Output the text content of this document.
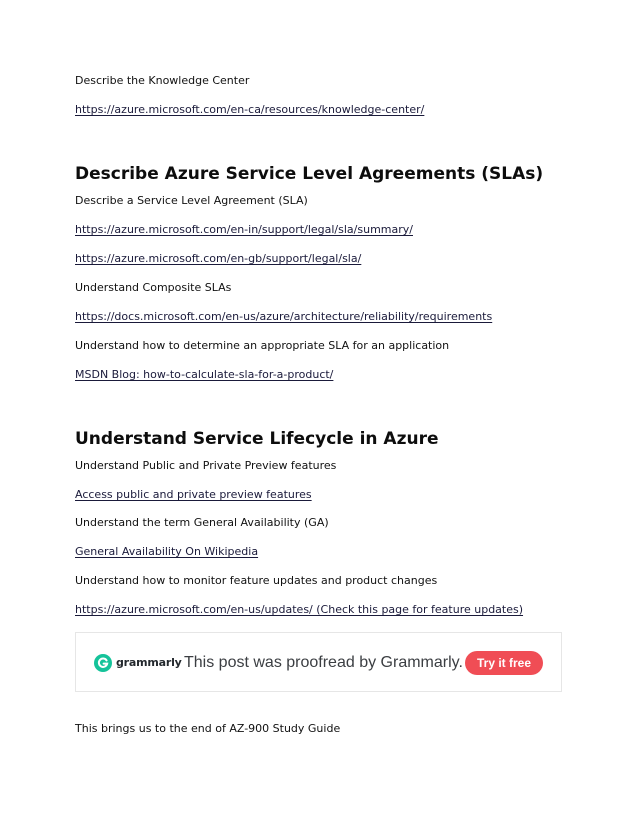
Describe the Knowledge Center
https://azure.microsoft.com/en-ca/resources/knowledge-center/
Describe Azure Service Level Agreements (SLAs)
Describe a Service Level Agreement (SLA)
https://azure.microsoft.com/en-in/support/legal/sla/summary/
https://azure.microsoft.com/en-gb/support/legal/sla/
Understand Composite SLAs
https://docs.microsoft.com/en-us/azure/architecture/reliability/requirements
Understand how to determine an appropriate SLA for an application
MSDN Blog: how-to-calculate-sla-for-a-product/
Understand Service Lifecycle in Azure
Understand Public and Private Preview features
Access public and private preview features
Understand the term General Availability (GA)
General Availability On Wikipedia
Understand how to monitor feature updates and product changes
https://azure.microsoft.com/en-us/updates/ (Check this page for feature updates)
grammarly This post was proofread by Grammarly.	Try it free
This brings us to the end of AZ-900 Study Guide
